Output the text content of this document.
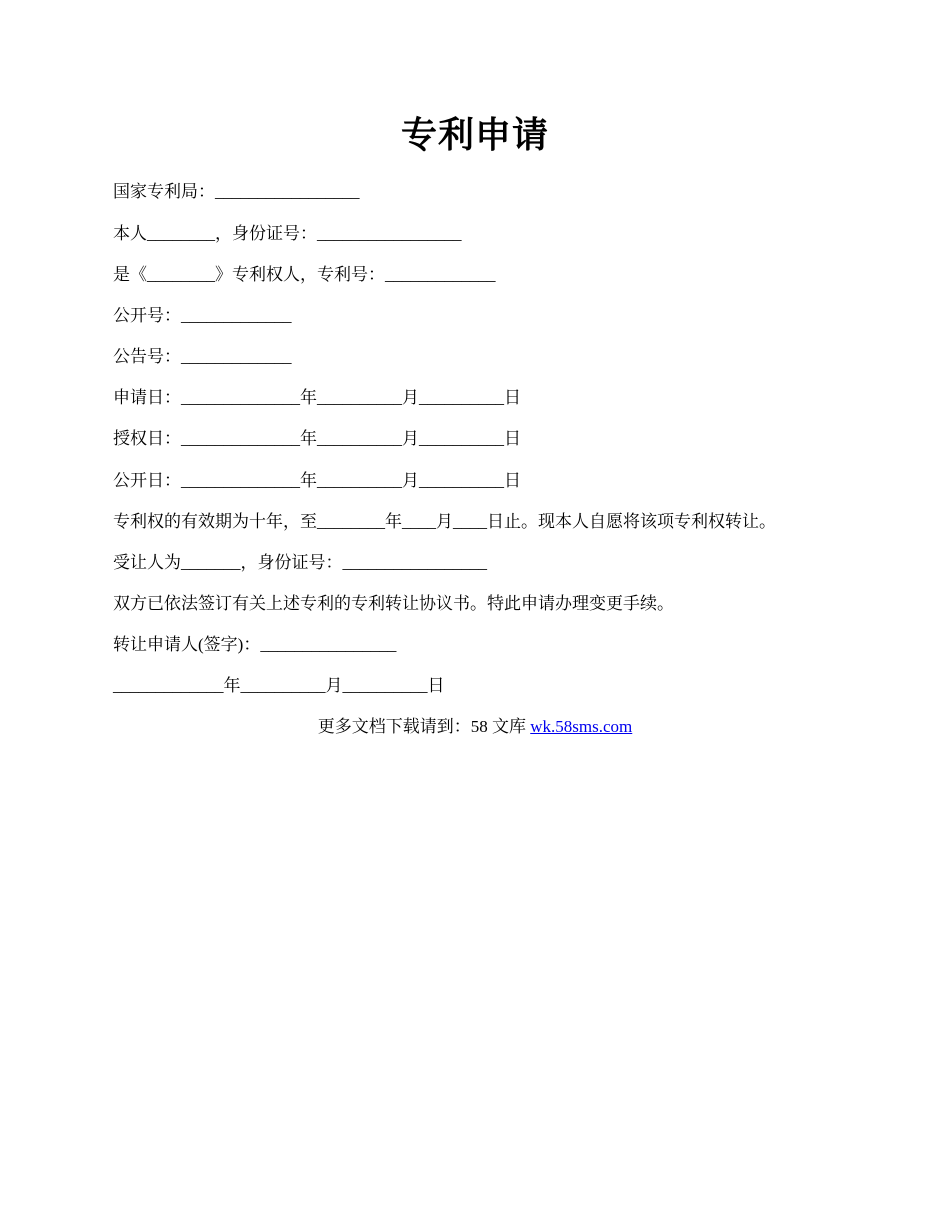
专利申请
国家专利局：_________________
本人________，身份证号：_________________
是《________》专利权人，专利号：_____________
公开号：_____________
公告号：_____________
申请日：______________年__________月__________日
授权日：______________年__________月__________日
公开日：______________年__________月__________日
专利权的有效期为十年，至________年____月____日止。现本人自愿将该项专利权转让。
受让人为_______，身份证号：_________________
双方已依法签订有关上述专利的专利转让协议书。特此申请办理变更手续。
转让申请人(签字)：________________
_____________年__________月__________日
更多文档下载请到：58 文库 wk.58sms.com
